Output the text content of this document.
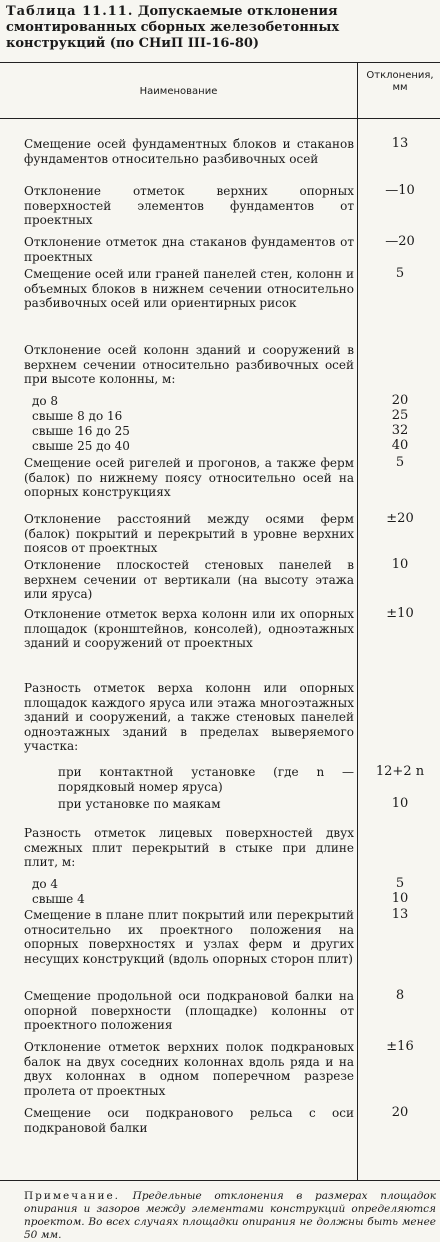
Таблица 11.11. Допускаемые отклонения смонтированных сборных железобетонных конструкций (по СНиП III-16-80)
Наименование
Отклонения, мм
Смещение осей фундаментных блоков и стаканов фундаментов относительно разбивочных осей
13
Отклонение отметок верхних опорных поверхностей элементов фундаментов от проектных
—10
Отклонение отметок дна стаканов фундаментов от проектных
—20
Смещение осей или граней панелей стен, колонн и объемных блоков в нижнем сечении относительно разбивочных осей или ориентирных рисок
5
Отклонение осей колонн зданий и сооружений в верхнем сечении относительно разбивочных осей при высоте колонны, м:
до 8	20
свыше 8 до 16	25
свыше 16 до 25	32
свыше 25 до 40	40
Смещение осей ригелей и прогонов, а также ферм (балок) по нижнему поясу относительно осей на опорных конструкциях
5
Отклонение расстояний между осями ферм (балок) покрытий и перекрытий в уровне верхних поясов от проектных
±20
Отклонение плоскостей стеновых панелей в верхнем сечении от вертикали (на высоту этажа или яруса)
10
Отклонение отметок верха колонн или их опорных площадок (кронштейнов, консолей), одноэтажных зданий и сооружений от проектных
±10
Разность отметок верха колонн или опорных площадок каждого яруса или этажа многоэтажных зданий и сооружений, а также стеновых панелей одноэтажных зданий в пределах выверяемого участка:
при контактной установке (где n — порядковый номер яруса)
12+2 n
при установке по маякам	10
Разность отметок лицевых поверхностей двух смежных плит перекрытий в стыке при длине плит, м:
до 4	5
свыше 4	10
Смещение в плане плит покрытий или перекрытий относительно их проектного положения на опорных поверхностях и узлах ферм и других несущих конструкций (вдоль опорных сторон плит)
13
Смещение продольной оси подкрановой балки на опорной поверхности (площадке) колонны от проектного положения
8
Отклонение отметок верхних полок подкрановых балок на двух соседних колоннах вдоль ряда и на двух колоннах в одном поперечном разрезе пролета от проектных
±16
Смещение оси подкранового рельса с оси подкрановой балки
20
Примечание. Предельные отклонения в размерах площадок опирания и зазоров между элементами конструкций определяются проектом. Во всех случаях площадки опирания не должны быть менее 50 мм.
